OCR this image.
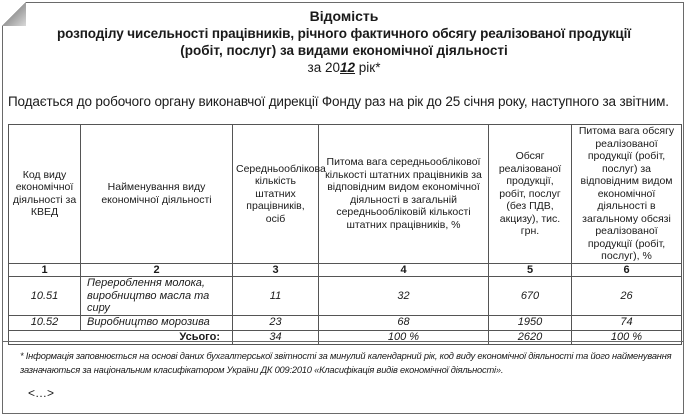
Відомість
розподілу чисельності працівників, річного фактичного обсягу реалізованої продукції
(робіт, послуг) за видами економічної діяльності
за 2012 рік*
Подається до робочого органу виконавчої дирекції Фонду раз на рік до 25 січня року, наступного за звітним.
Код виду економічної діяльності за КВЕД	Найменування виду економічної діяльності	Середньооблікова кількість штатних працівників, осіб	Питома вага середньооблікової кількості штатних працівників за відповідним видом економічної діяльності в загальній середньообліковій кількості штатних працівників, %	Обсяг реалізованої продукції, робіт, послуг (без ПДВ, акцизу), тис. грн.	Питома вага обсягу реалізованої продукції (робіт, послуг) за відповідним видом економічної діяльності в загальному обсязі реалізованої продукції (робіт, послуг), %
1	2	3	4	5	6
10.51	Перероблення молока, виробництво масла та сиру	11	32	670	26
10.52	Виробництво морозива	23	68	1950	74
Усього:		34	100 %	2620	100 %
* Інформація заповнюється на основі даних бухгалтерської звітності за минулий календарний рік, код виду економічної діяльності та його найменування зазначаються за національним класифікатором України ДК 009:2010 «Класифікація видів економічної діяльності».
<…>
